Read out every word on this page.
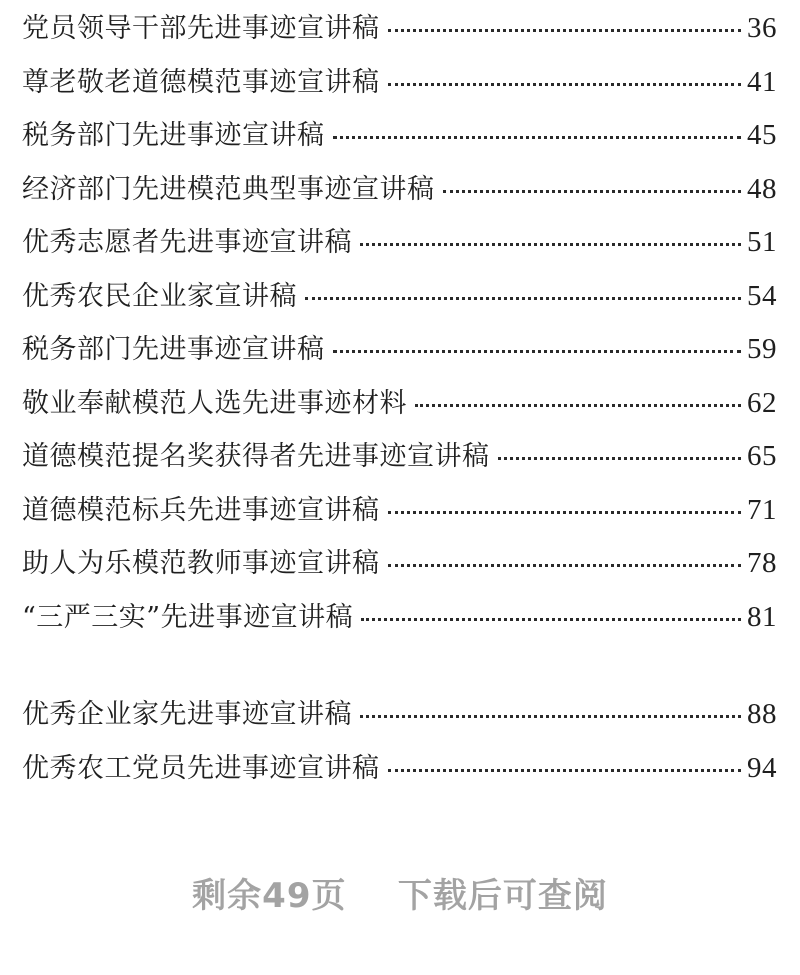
党员领导干部先进事迹宣讲稿	36
尊老敬老道德模范事迹宣讲稿	41
税务部门先进事迹宣讲稿	45
经济部门先进模范典型事迹宣讲稿	48
优秀志愿者先进事迹宣讲稿	51
优秀农民企业家宣讲稿	54
税务部门先进事迹宣讲稿	59
敬业奉献模范人选先进事迹材料	62
道德模范提名奖获得者先进事迹宣讲稿	65
道德模范标兵先进事迹宣讲稿	71
助人为乐模范教师事迹宣讲稿	78
“三严三实”先进事迹宣讲稿	81
优秀企业家先进事迹宣讲稿	88
优秀农工党员先进事迹宣讲稿	94
剩余49页 下载后可查阅
